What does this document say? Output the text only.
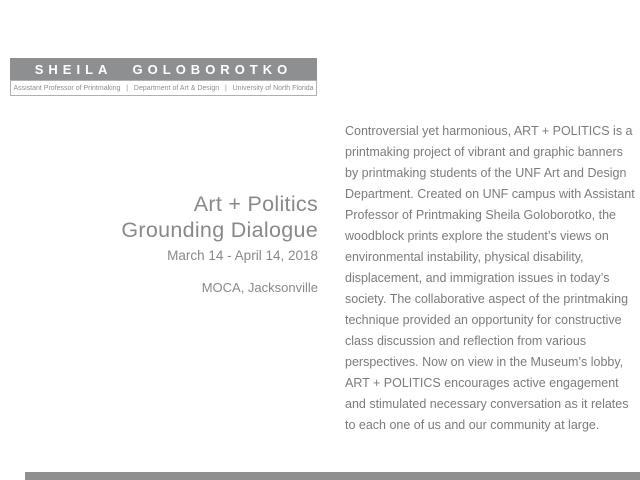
SHEILA GOLOBOROTKO
Assistant Professor of Printmaking   |   Department of Art & Design   |   University of North Florida
Art + Politics
Grounding Dialogue
March 14 - April 14, 2018
MOCA, Jacksonville
Controversial yet harmonious, ART + POLITICS is a
printmaking project of vibrant and graphic banners
by printmaking students of the UNF Art and Design
Department. Created on UNF campus with Assistant
Professor of Printmaking Sheila Goloborotko, the
woodblock prints explore the student’s views on
environmental instability, physical disability,
displacement, and immigration issues in today’s
society. The collaborative aspect of the printmaking
technique provided an opportunity for constructive
class discussion and reflection from various
perspectives. Now on view in the Museum’s lobby,
ART + POLITICS encourages active engagement
and stimulated necessary conversation as it relates
to each one of us and our community at large.
